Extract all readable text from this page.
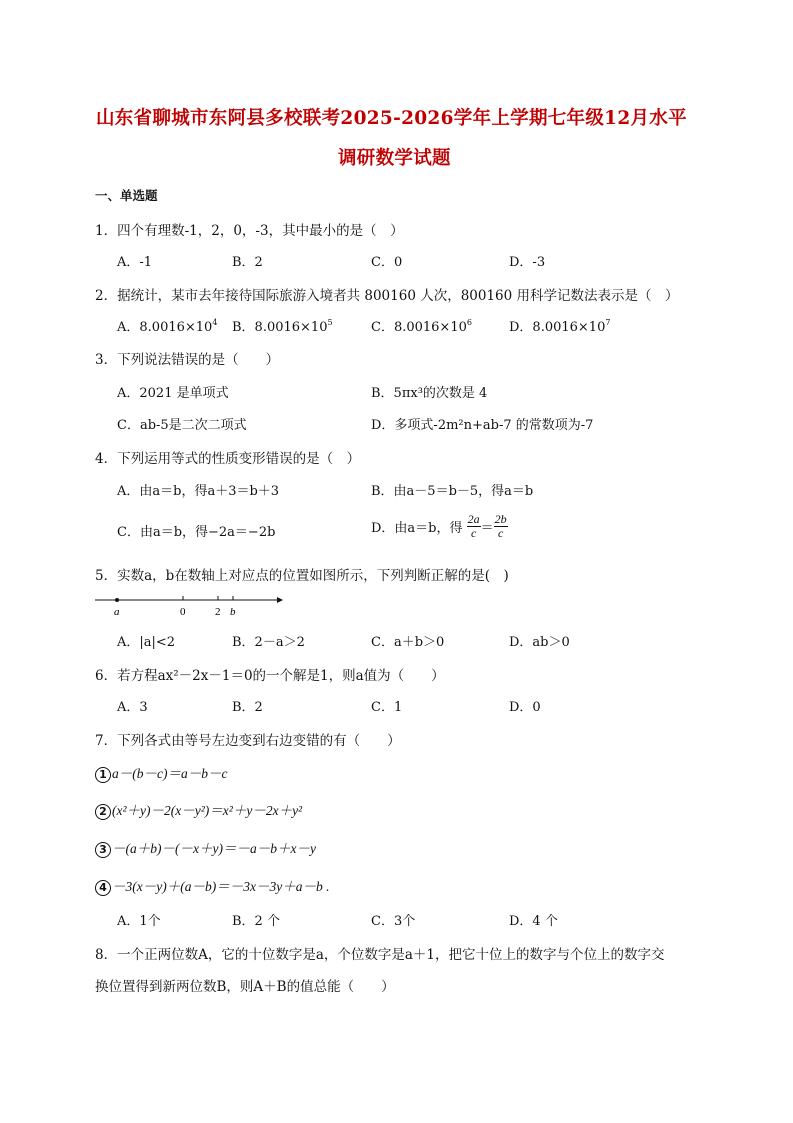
山东省聊城市东阿县多校联考2025-2026学年上学期七年级12月水平
调研数学试题
一、单选题
1．四个有理数-1，2，0，-3，其中最小的是（　）
A．-1	B．2	C．0	D．-3
2．据统计，某市去年接待国际旅游入境者共 800160 人次，800160 用科学记数法表示是（　）
A．$8.0016\times 10^4$ B．$8.0016\times 10^5$	C．$8.0016\times 10^6$	D．$8.0016\times 10^7$
3．下列说法错误的是（　　）
A．2021 是单项式	B．5πx³的次数是 4
C．ab-5是二次二项式	D．多项式-2m²n+ab-7 的常数项为-7
4．下列运用等式的性质变形错误的是（　）
A．由a＝b，得a＋3＝b＋3	B．由a－5＝b－5，得a＝b
C．由a＝b，得−2a＝−2b	D．由a＝b，得 $\frac{2a}{c} = \frac{2b}{c}$
5．实数a，b在数轴上对应点的位置如图所示，下列判断正解的是(　)
a	0	2 b
A．|a|<2	B．2－a＞2	C．a＋b＞0	D．ab＞0
6．若方程ax²－2x－1＝0的一个解是1，则a值为（　　）
A．3	B．2	C．1	D．0
7．下列各式由等号左边变到右边变错的有（　　）
1 a－(b－c)＝a－b－c
2 (x²＋y)－2(x－y²)＝x²＋y－2x＋y²
3 －(a＋b)－(－x＋y)＝－a－b＋x－y
4 －3(x－y)＋(a－b)＝－3x－3y＋a－b .
A．1个	B．2 个	C．3个	D．4 个
8．一个正两位数A，它的十位数字是a，个位数字是a＋1，把它十位上的数字与个位上的数字交
换位置得到新两位数B，则A＋B的值总能（　　）
